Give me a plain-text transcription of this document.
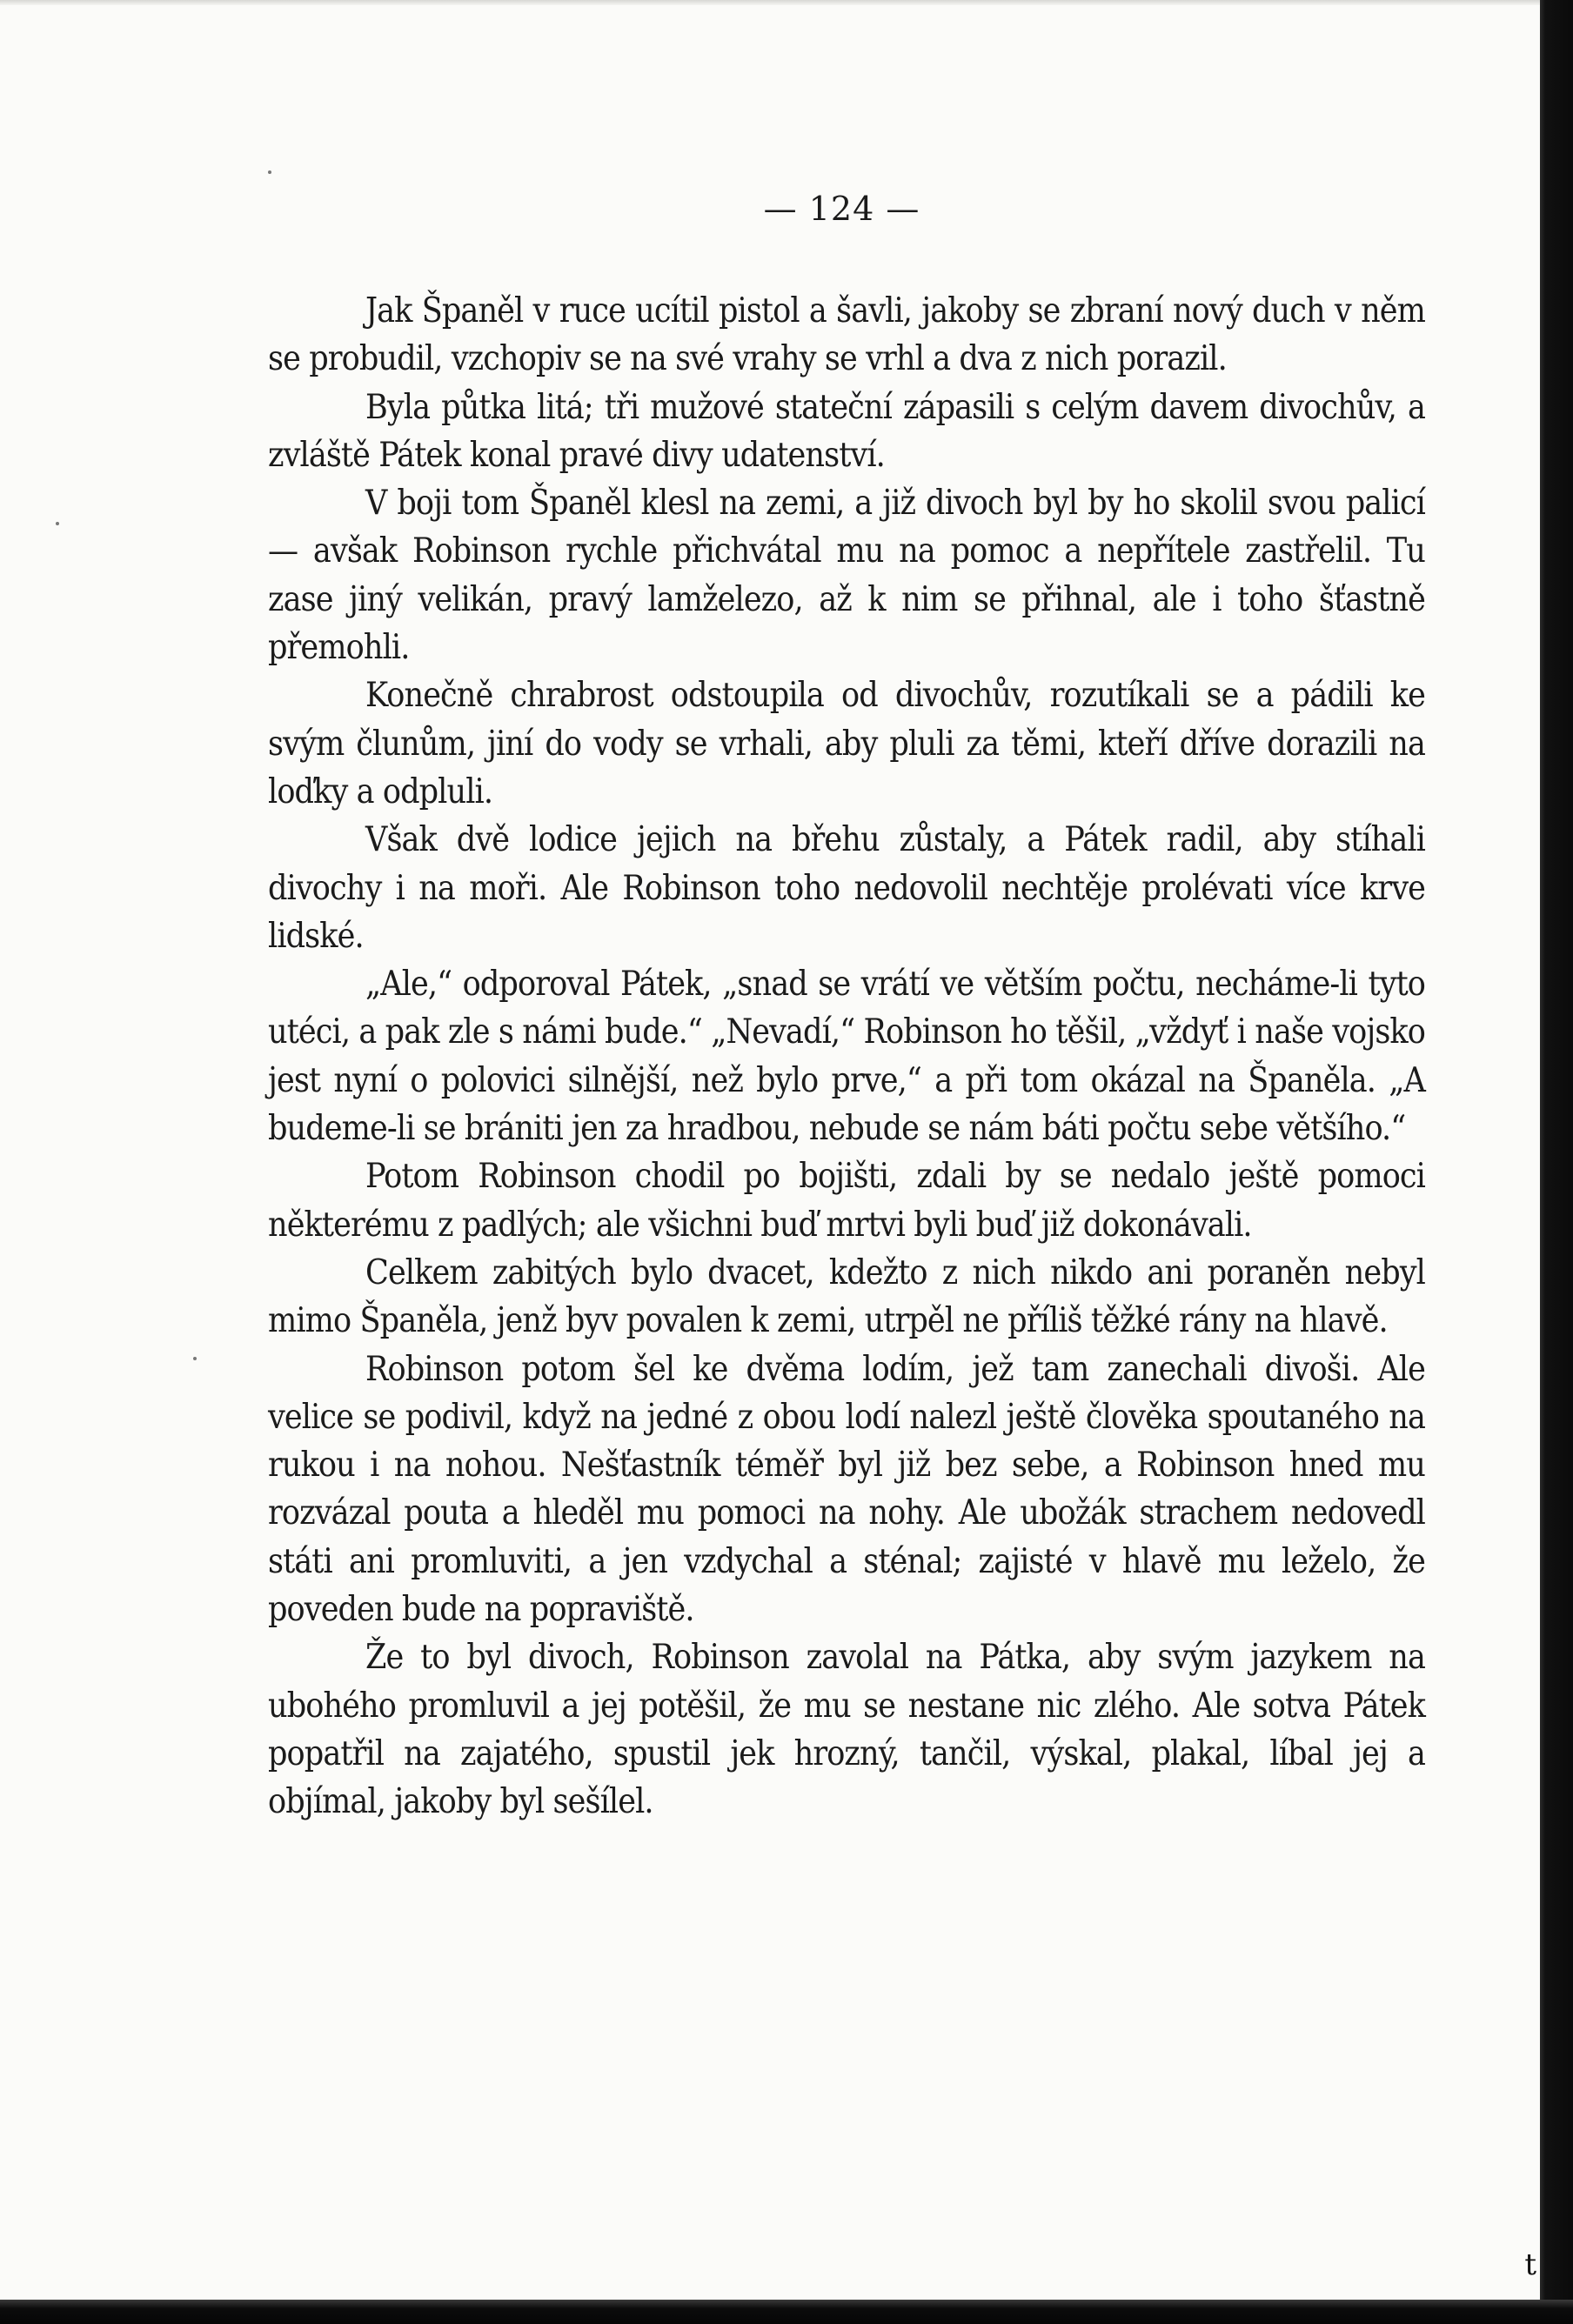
— 124 —

Jak Španěl v ruce ucítil pistol a šavli, jakoby se zbraní nový duch v něm se probudil, vzchopiv se na své vrahy se vrhl a dva z nich porazil.

Byla půtka litá; tři mužové stateční zápasili s celým davem divochův, a zvláště Pátek konal pravé divy udatenství.

V boji tom Španěl klesl na zemi, a již divoch byl by ho skolil svou palicí — avšak Robinson rychle přichvátal mu na pomoc a nepřítele zastřelil. Tu zase jiný velikán, pravý lamželezo, až k nim se přihnal, ale i toho šťastně přemohli.

Konečně chrabrost odstoupila od divochův, rozutíkali se a pádili ke svým člunům, jiní do vody se vrhali, aby pluli za těmi, kteří dříve dorazili na loďky a odpluli.

Však dvě lodice jejich na břehu zůstaly, a Pátek radil, aby stíhali divochy i na moři. Ale Robinson toho nedovolil nechtěje prolévati více krve lidské.

„Ale,“ odporoval Pátek, „snad se vrátí ve větším počtu, necháme-li tyto utéci, a pak zle s námi bude.“ „Nevadí,“ Robinson ho těšil, „vždyť i naše vojsko jest nyní o polovici silnější, než bylo prve,“ a při tom okázal na Španěla. „A budeme-li se brániti jen za hradbou, nebude se nám báti počtu sebe většího.“

Potom Robinson chodil po bojišti, zdali by se nedalo ještě pomoci některému z padlých; ale všichni buď mrtvi byli buď již dokonávali.

Celkem zabitých bylo dvacet, kdežto z nich nikdo ani poraněn nebyl mimo Španěla, jenž byv povalen k zemi, utrpěl ne příliš těžké rány na hlavě.

Robinson potom šel ke dvěma lodím, jež tam zanechali divoši. Ale velice se podivil, když na jedné z obou lodí nalezl ještě člověka spoutaného na rukou i na nohou. Nešťastník téměř byl již bez sebe, a Robinson hned mu rozvázal pouta a hleděl mu pomoci na nohy. Ale ubožák strachem nedovedl státi ani promluviti, a jen vzdychal a sténal; zajisté v hlavě mu leželo, že poveden bude na popraviště.

Že to byl divoch, Robinson zavolal na Pátka, aby svým jazykem na ubohého promluvil a jej potěšil, že mu se nestane nic zlého. Ale sotva Pátek popatřil na zajatého, spustil jek hrozný, tančil, výskal, plakal, líbal jej a objímal, jakoby byl sešílel.

t
